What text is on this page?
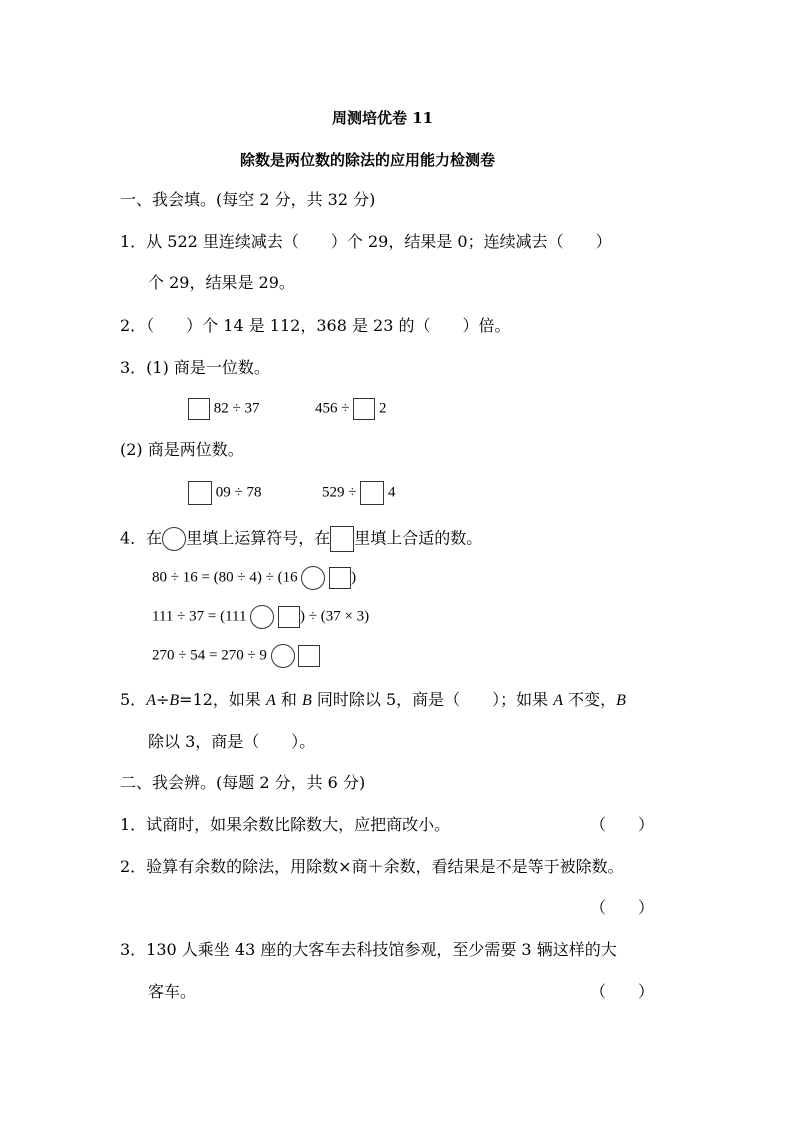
周测培优卷 11
除数是两位数的除法的应用能力检测卷
一、我会填。(每空 2 分，共 32 分)
1．从 522 里连续减去（　　）个 29，结果是 0；连续减去（　　）
个 29，结果是 29。
2．（　　）个 14 是 112，368 是 23 的（　　）倍。
3．(1) 商是一位数。
82 ÷ 37	456 ÷  2
(2) 商是两位数。
09 ÷ 78	529 ÷  4
4．在 里填上运算符号，在 里填上合适的数。
80 ÷ 16 = (80 ÷ 4) ÷ (16	)
111 ÷ 37 = (111	) ÷ (37 × 3)
270 ÷ 54 = 270 ÷ 9
5．A÷B=12，如果 A 和 B 同时除以 5，商是（　　）；如果 A 不变，B
除以 3，商是（　　）。
二、我会辨。(每题 2 分，共 6 分)
1．试商时，如果余数比除数大，应把商改小。	（　　）
2．验算有余数的除法，用除数×商＋余数，看结果是不是等于被除数。
（　　）
3．130 人乘坐 43 座的大客车去科技馆参观，至少需要 3 辆这样的大
客车。	（　　）
